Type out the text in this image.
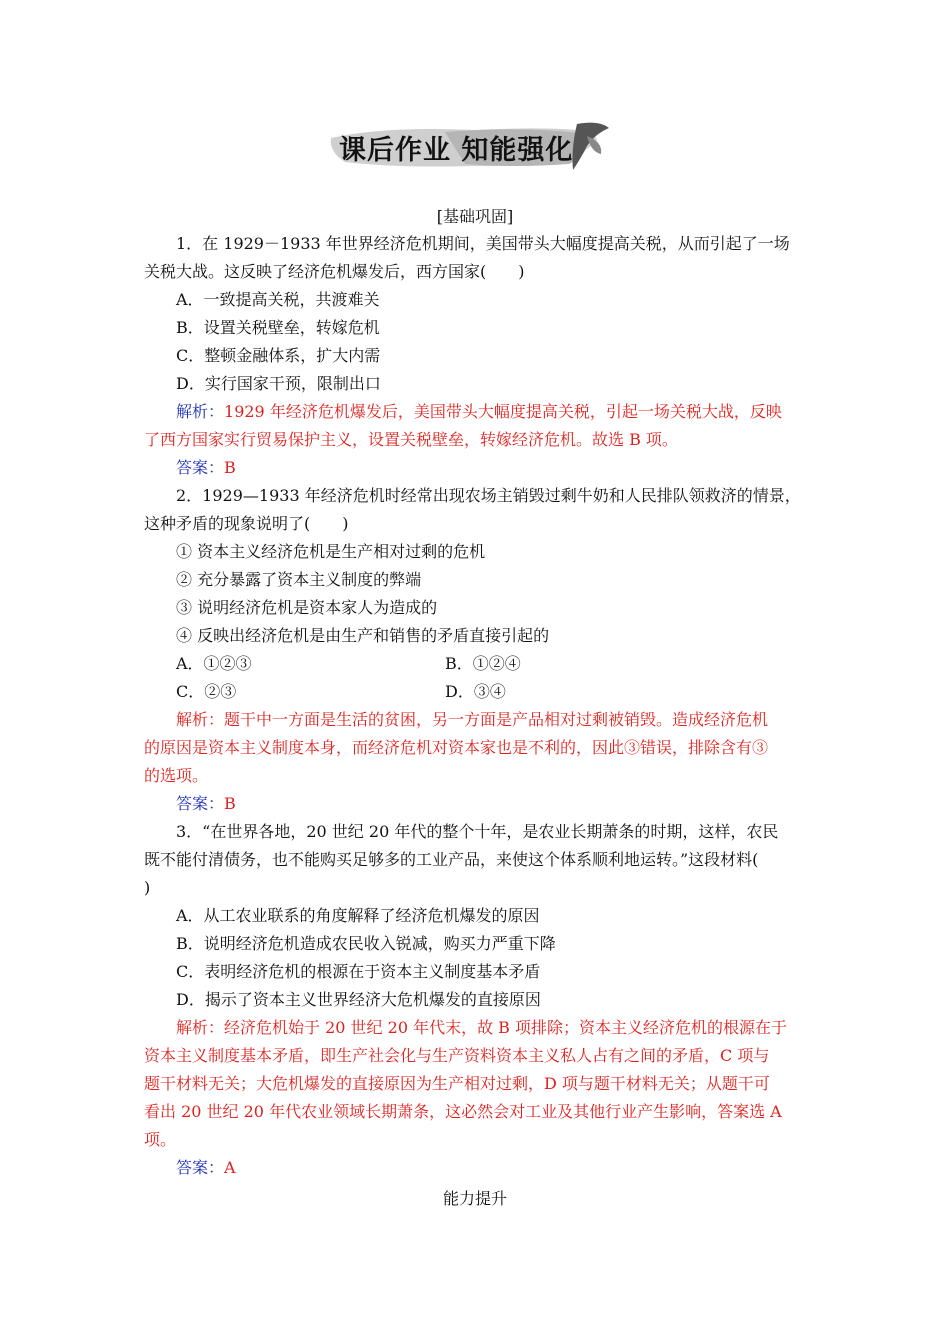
课后作业 知能强化
[基础巩固]
1．在 1929－1933 年世界经济危机期间，美国带头大幅度提高关税，从而引起了一场
关税大战。这反映了经济危机爆发后，西方国家(　　)
A．一致提高关税，共渡难关
B．设置关税壁垒，转嫁危机
C．整顿金融体系，扩大内需
D．实行国家干预，限制出口
解析：1929 年经济危机爆发后，美国带头大幅度提高关税，引起一场关税大战，反映
了西方国家实行贸易保护主义，设置关税壁垒，转嫁经济危机。故选 B 项。
答案：B
2．1929—1933 年经济危机时经常出现农场主销毁过剩牛奶和人民排队领救济的情景，
这种矛盾的现象说明了(　　)
① 资本主义经济危机是生产相对过剩的危机
② 充分暴露了资本主义制度的弊端
③ 说明经济危机是资本家人为造成的
④ 反映出经济危机是由生产和销售的矛盾直接引起的
A．①②③	B．①②④
C．②③	D．③④
解析：题干中一方面是生活的贫困，另一方面是产品相对过剩被销毁。造成经济危机
的原因是资本主义制度本身，而经济危机对资本家也是不利的，因此③错误，排除含有③
的选项。
答案：B
3．“在世界各地，20 世纪 20 年代的整个十年，是农业长期萧条的时期，这样，农民
既不能付清债务，也不能购买足够多的工业产品，来使这个体系顺利地运转。”这段材料(
)
A．从工农业联系的角度解释了经济危机爆发的原因
B．说明经济危机造成农民收入锐减，购买力严重下降
C．表明经济危机的根源在于资本主义制度基本矛盾
D．揭示了资本主义世界经济大危机爆发的直接原因
解析：经济危机始于 20 世纪 20 年代末，故 B 项排除；资本主义经济危机的根源在于
资本主义制度基本矛盾，即生产社会化与生产资料资本主义私人占有之间的矛盾，C 项与
题干材料无关；大危机爆发的直接原因为生产相对过剩，D 项与题干材料无关；从题干可
看出 20 世纪 20 年代农业领域长期萧条，这必然会对工业及其他行业产生影响，答案选 A
项。
答案：A
能力提升
